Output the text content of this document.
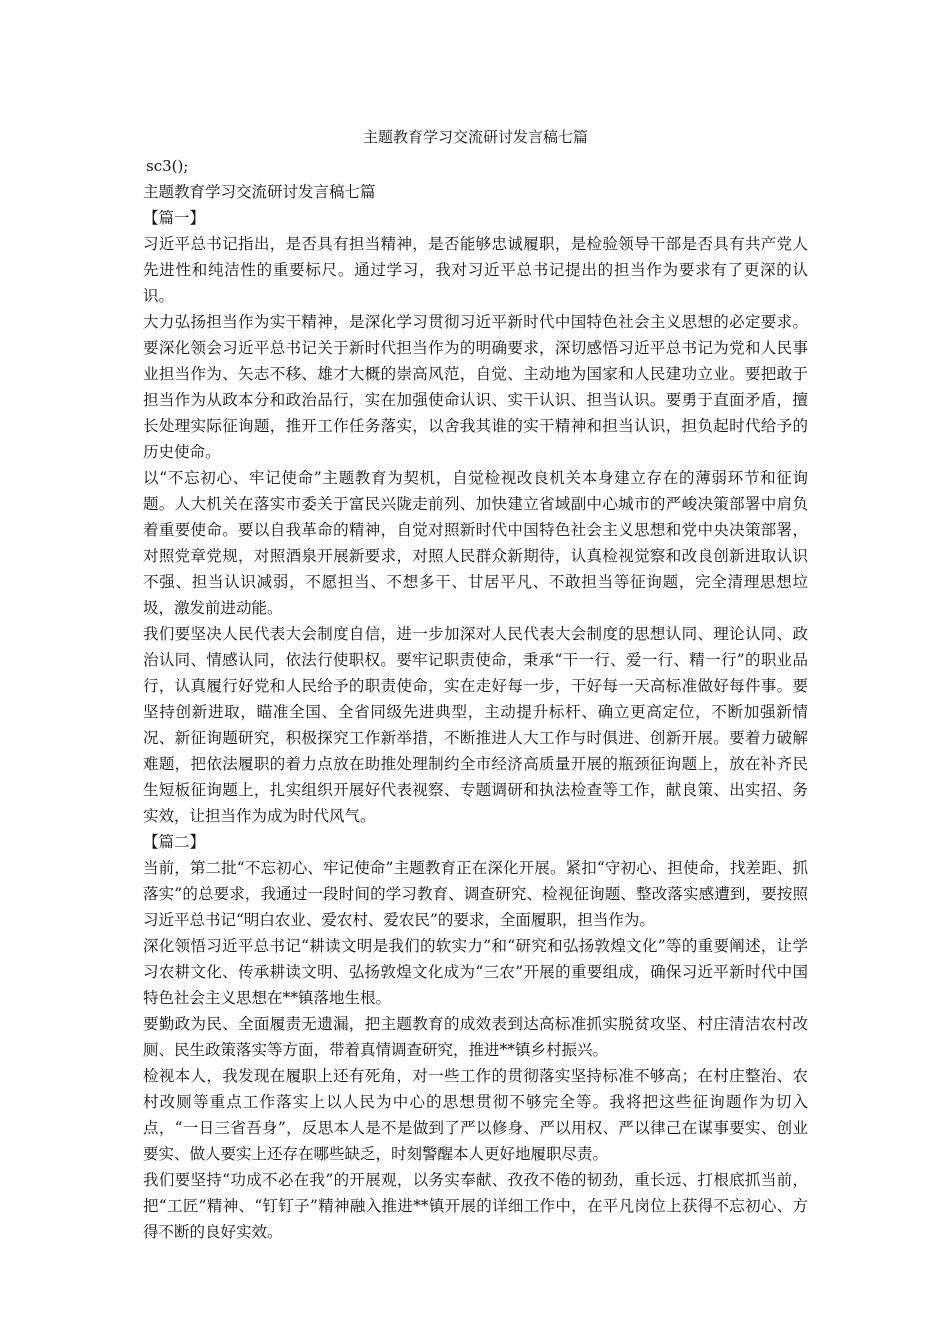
主题教育学习交流研讨发言稿七篇

sc3();

主题教育学习交流研讨发言稿七篇

【篇一】

习近平总书记指出，是否具有担当精神，是否能够忠诚履职，是检验领导干部是否具有共产党人先进性和纯洁性的重要标尺。通过学习，我对习近平总书记提出的担当作为要求有了更深的认识。

大力弘扬担当作为实干精神，是深化学习贯彻习近平新时代中国特色社会主义思想的必定要求。要深化领会习近平总书记关于新时代担当作为的明确要求，深切感悟习近平总书记为党和人民事业担当作为、矢志不移、雄才大概的崇高风范，自觉、主动地为国家和人民建功立业。要把敢于担当作为从政本分和政治品行，实在加强使命认识、实干认识、担当认识。要勇于直面矛盾，擅长处理实际征询题，推开工作任务落实，以舍我其谁的实干精神和担当认识，担负起时代给予的历史使命。

以“不忘初心、牢记使命”主题教育为契机，自觉检视改良机关本身建立存在的薄弱环节和征询题。人大机关在落实市委关于富民兴陇走前列、加快建立省域副中心城市的严峻决策部署中肩负着重要使命。要以自我革命的精神，自觉对照新时代中国特色社会主义思想和党中央决策部署，对照党章党规，对照酒泉开展新要求，对照人民群众新期待，认真检视觉察和改良创新进取认识不强、担当认识减弱，不愿担当、不想多干、甘居平凡、不敢担当等征询题，完全清理思想垃圾，激发前进动能。

我们要坚决人民代表大会制度自信，进一步加深对人民代表大会制度的思想认同、理论认同、政治认同、情感认同，依法行使职权。要牢记职责使命，秉承“干一行、爱一行、精一行”的职业品行，认真履行好党和人民给予的职责使命，实在走好每一步，干好每一天高标准做好每件事。要坚持创新进取，瞄准全国、全省同级先进典型，主动提升标杆、确立更高定位，不断加强新情况、新征询题研究，积极探究工作新举措，不断推进人大工作与时俱进、创新开展。要着力破解难题，把依法履职的着力点放在助推处理制约全市经济高质量开展的瓶颈征询题上，放在补齐民生短板征询题上，扎实组织开展好代表视察、专题调研和执法检查等工作，献良策、出实招、务实效，让担当作为成为时代风气。

【篇二】

当前，第二批“不忘初心、牢记使命”主题教育正在深化开展。紧扣“守初心、担使命，找差距、抓落实”的总要求，我通过一段时间的学习教育、调查研究、检视征询题、整改落实感遭到，要按照习近平总书记“明白农业、爱农村、爱农民”的要求，全面履职，担当作为。

深化领悟习近平总书记“耕读文明是我们的软实力”和“研究和弘扬敦煌文化”等的重要阐述，让学习农耕文化、传承耕读文明、弘扬敦煌文化成为“三农”开展的重要组成，确保习近平新时代中国特色社会主义思想在**镇落地生根。

要勤政为民、全面履责无遗漏，把主题教育的成效表到达高标准抓实脱贫攻坚、村庄清洁农村改厕、民生政策落实等方面，带着真情调查研究，推进**镇乡村振兴。

检视本人，我发现在履职上还有死角，对一些工作的贯彻落实坚持标准不够高；在村庄整治、农村改厕等重点工作落实上以人民为中心的思想贯彻不够完全等。我将把这些征询题作为切入点，“一日三省吾身”，反思本人是不是做到了严以修身、严以用权、严以律己在谋事要实、创业要实、做人要实上还存在哪些缺乏，时刻警醒本人更好地履职尽责。

我们要坚持“功成不必在我”的开展观，以务实奉献、孜孜不倦的韧劲，重长远、打根底抓当前，把“工匠”精神、“钉钉子”精神融入推进**镇开展的详细工作中，在平凡岗位上获得不忘初心、方得不断的良好实效。
